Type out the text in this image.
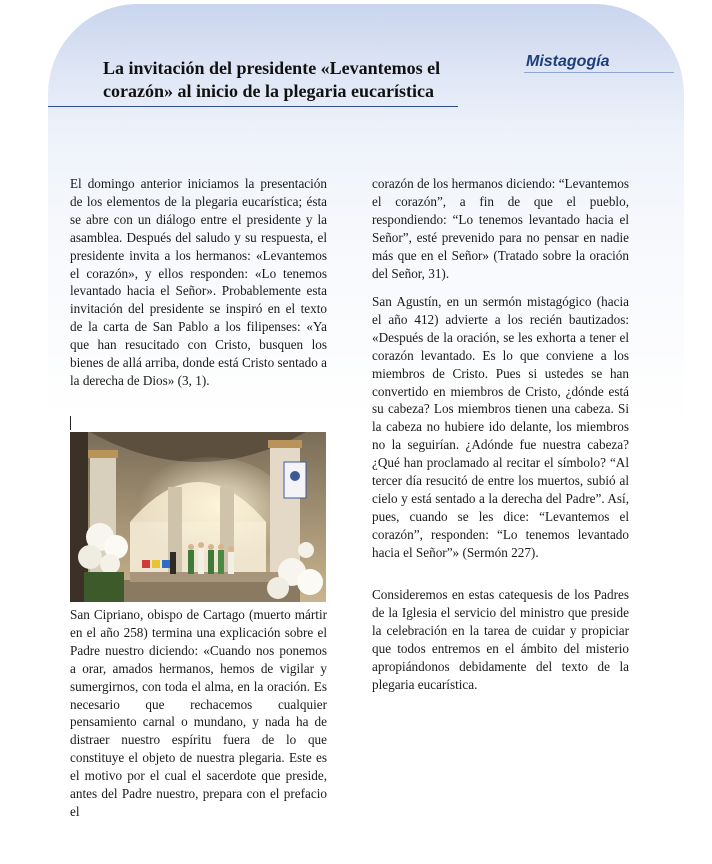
La invitación del presidente «Levantemos el corazón» al inicio de la plegaria eucarística
Mistagogía

El domingo anterior iniciamos la presentación de los elementos de la plegaria eucarística; ésta se abre con un diálogo entre el presidente y la asamblea. Después del saludo y su respuesta, el presidente invita a los hermanos: «Levantemos el corazón», y ellos responden: «Lo tenemos levantado hacia el Señor». Probablemente esta invitación del presidente se inspiró en el texto de la carta de San Pablo a los filipenses: «Ya que han resucitado con Cristo, busquen los bienes de allá arriba, donde está Cristo sentado a la derecha de Dios» (3, 1).

San Cipriano, obispo de Cartago (muerto mártir en el año 258) termina una explicación sobre el Padre nuestro diciendo: «Cuando nos ponemos a orar, amados hermanos, hemos de vigilar y sumergirnos, con toda el alma, en la oración. Es necesario que rechacemos cualquier pensamiento carnal o mundano, y nada ha de distraer nuestro espíritu fuera de lo que constituye el objeto de nuestra plegaria. Este es el motivo por el cual el sacerdote que preside, antes del Padre nuestro, prepara con el prefacio el

corazón de los hermanos diciendo: “Levantemos el corazón”, a fin de que el pueblo, respondiendo: “Lo tenemos levantado hacia el Señor”, esté prevenido para no pensar en nadie más que en el Señor» (Tratado sobre la oración del Señor, 31).

San Agustín, en un sermón mistagógico (hacia el año 412) advierte a los recién bautizados: «Después de la oración, se les exhorta a tener el corazón levantado. Es lo que conviene a los miembros de Cristo. Pues si ustedes se han convertido en miembros de Cristo, ¿dónde está su cabeza? Los miembros tienen una cabeza. Si la cabeza no hubiere ido delante, los miembros no la seguirían. ¿Adónde fue nuestra cabeza? ¿Qué han proclamado al recitar el símbolo? “Al tercer día resucitó de entre los muertos, subió al cielo y está sentado a la derecha del Padre”. Así, pues, cuando se les dice: “Levantemos el corazón”, responden: “Lo tenemos levantado hacia el Señor”» (Sermón 227).

Consideremos en estas catequesis de los Padres de la Iglesia el servicio del ministro que preside la celebración en la tarea de cuidar y propiciar que todos entremos en el ámbito del misterio apropiándonos debidamente del texto de la plegaria eucarística.
